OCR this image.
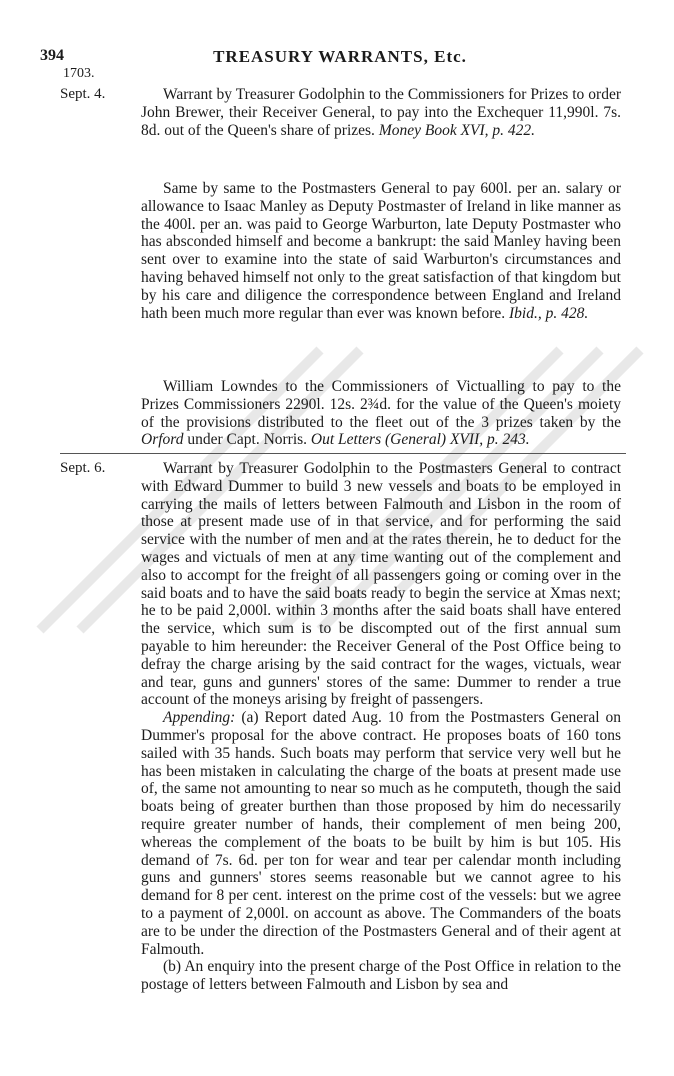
394	TREASURY WARRANTS, Etc.
1703.
Sept. 4.	Warrant by Treasurer Godolphin to the Commissioners for Prizes to order John Brewer, their Receiver General, to pay into the Exchequer 11,990l. 7s. 8d. out of the Queen's share of prizes. Money Book XVI, p. 422.

Same by same to the Postmasters General to pay 600l. per an. salary or allowance to Isaac Manley as Deputy Postmaster of Ireland in like manner as the 400l. per an. was paid to George Warburton, late Deputy Postmaster who has absconded himself and become a bankrupt: the said Manley having been sent over to examine into the state of said Warburton's circumstances and having behaved himself not only to the great satisfaction of that kingdom but by his care and diligence the correspondence between England and Ireland hath been much more regular than ever was known before. Ibid., p. 428.

William Lowndes to the Commissioners of Victualling to pay to the Prizes Commissioners 2290l. 12s. 2¾d. for the value of the Queen's moiety of the provisions distributed to the fleet out of the 3 prizes taken by the Orford under Capt. Norris. Out Letters (General) XVII, p. 243.

Sept. 6.	Warrant by Treasurer Godolphin to the Postmasters General to contract with Edward Dummer to build 3 new vessels and boats to be employed in carrying the mails of letters between Falmouth and Lisbon in the room of those at present made use of in that service, and for performing the said service with the number of men and at the rates therein, he to deduct for the wages and victuals of men at any time wanting out of the complement and also to accompt for the freight of all passengers going or coming over in the said boats and to have the said boats ready to begin the service at Xmas next; he to be paid 2,000l. within 3 months after the said boats shall have entered the service, which sum is to be discompted out of the first annual sum payable to him hereunder: the Receiver General of the Post Office being to defray the charge arising by the said contract for the wages, victuals, wear and tear, guns and gunners' stores of the same: Dummer to render a true account of the moneys arising by freight of passengers.

Appending: (a) Report dated Aug. 10 from the Postmasters General on Dummer's proposal for the above contract. He proposes boats of 160 tons sailed with 35 hands. Such boats may perform that service very well but he has been mistaken in calculating the charge of the boats at present made use of, the same not amounting to near so much as he computeth, though the said boats being of greater burthen than those proposed by him do necessarily require greater number of hands, their complement of men being 200, whereas the complement of the boats to be built by him is but 105. His demand of 7s. 6d. per ton for wear and tear per calendar month including guns and gunners' stores seems reasonable but we cannot agree to his demand for 8 per cent. interest on the prime cost of the vessels: but we agree to a payment of 2,000l. on account as above. The Commanders of the boats are to be under the direction of the Postmasters General and of their agent at Falmouth.

(b) An enquiry into the present charge of the Post Office in relation to the postage of letters between Falmouth and Lisbon by sea and
